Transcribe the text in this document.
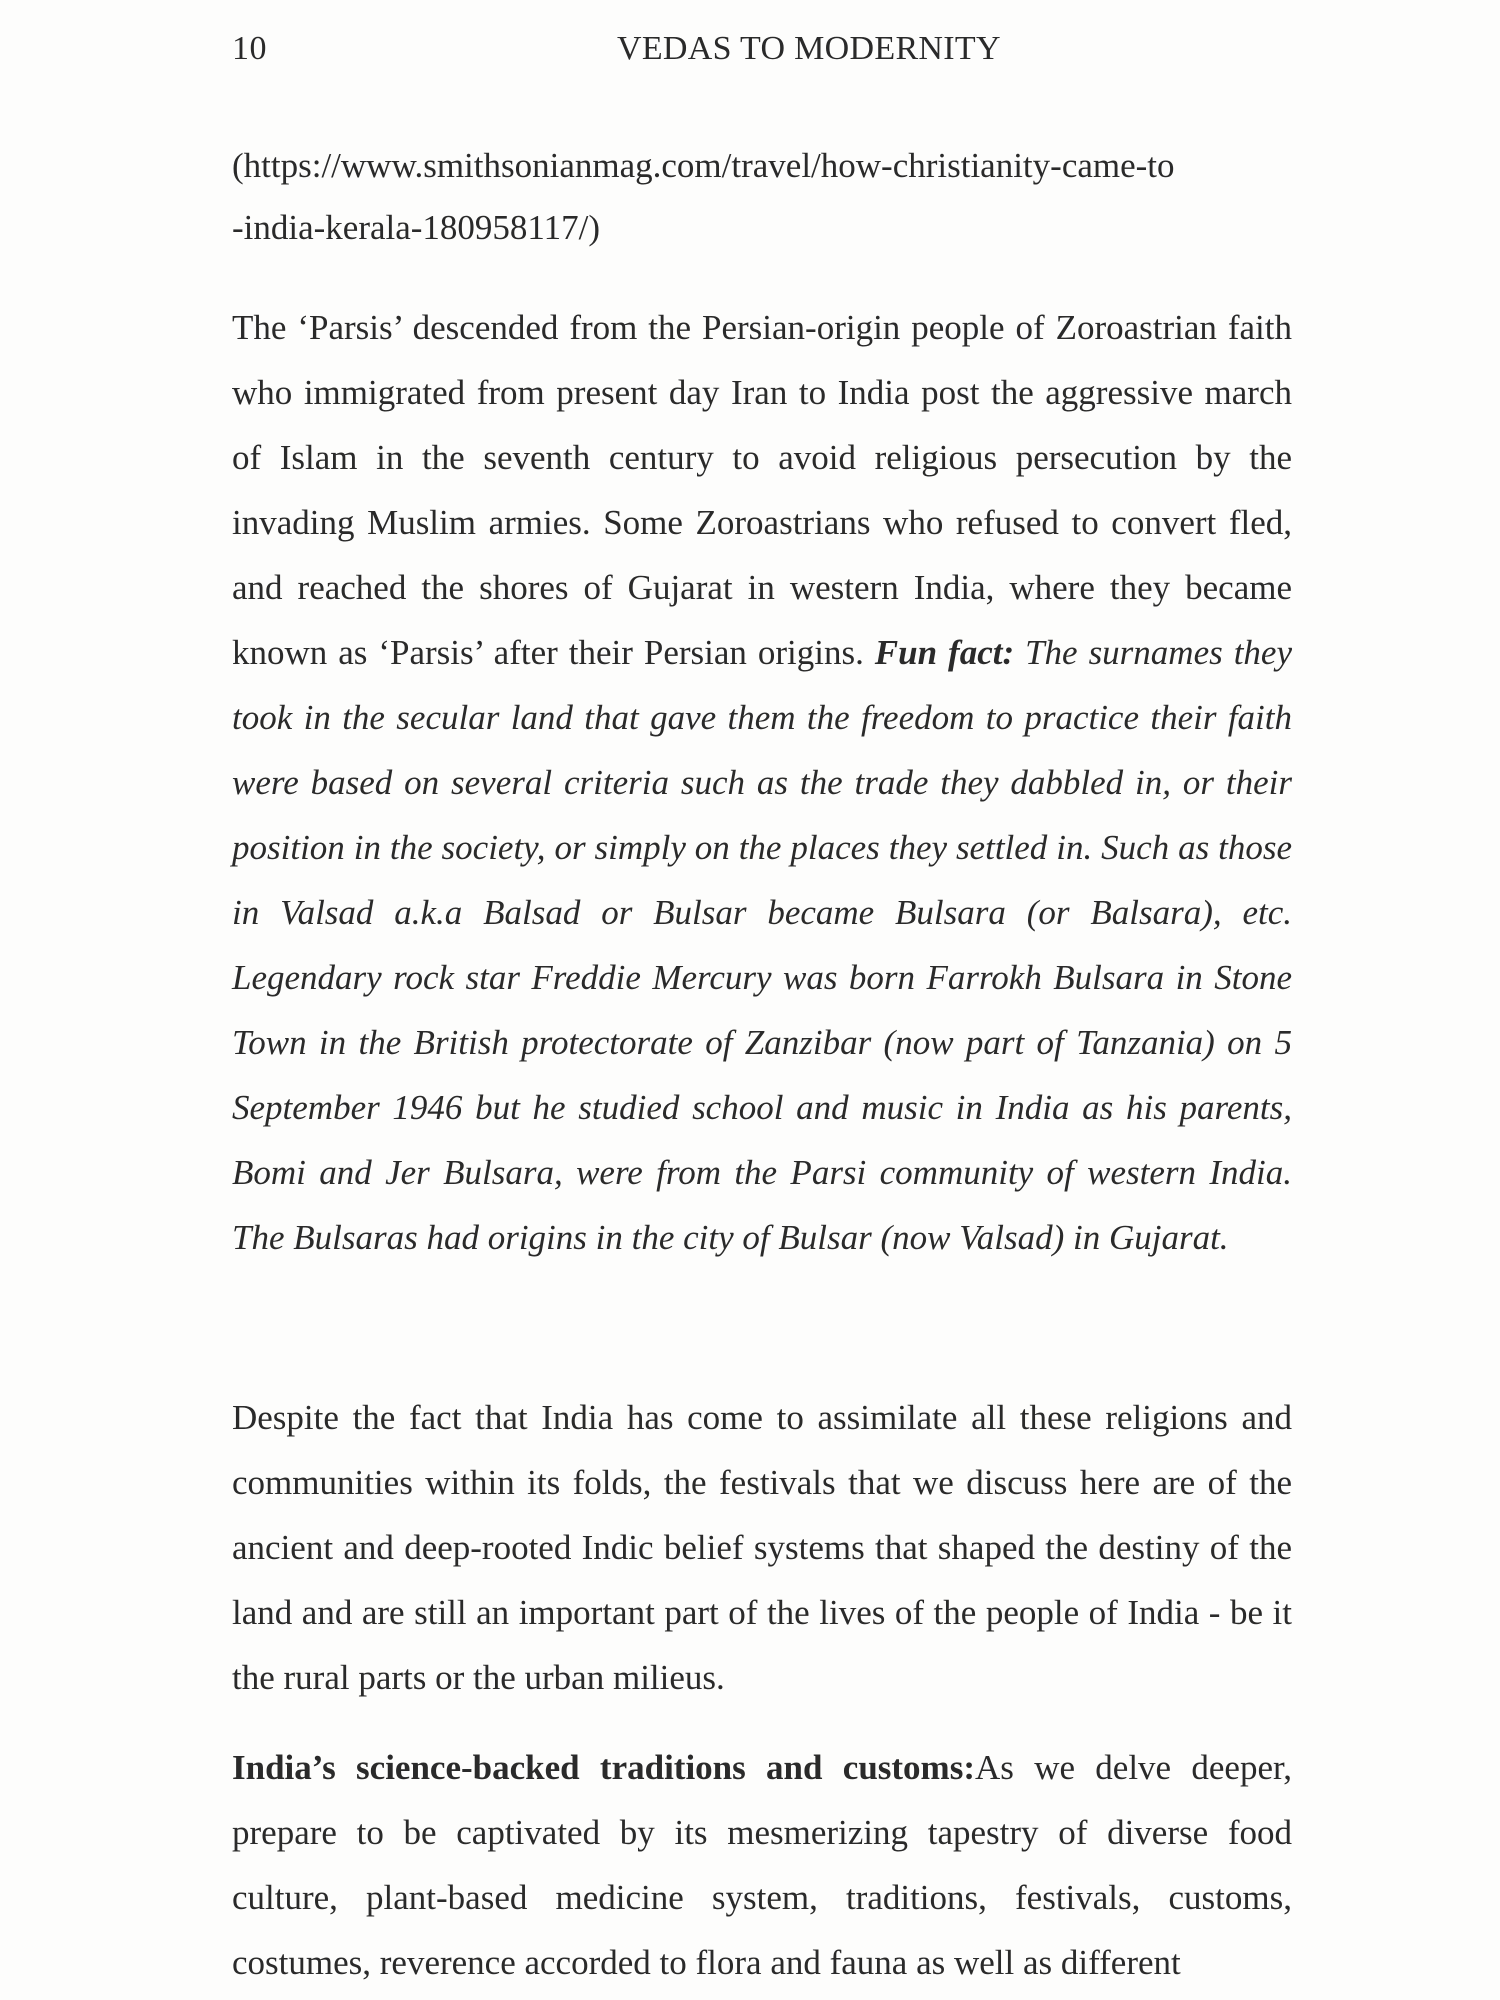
10	VEDAS TO MODERNITY
(https://www.smithsonianmag.com/travel/how-christianity-came-to
-india-kerala-180958117/)

The ‘Parsis’ descended from the Persian-origin people of Zoroastrian faith who immigrated from present day Iran to India post the aggressive march of Islam in the seventh century to avoid religious persecution by the invading Muslim armies. Some Zoroastrians who refused to convert fled, and reached the shores of Gujarat in western India, where they became known as ‘Parsis’ after their Persian origins. Fun fact: The surnames they took in the secular land that gave them the freedom to practice their faith were based on several criteria such as the trade they dabbled in, or their position in the society, or simply on the places they settled in. Such as those in Valsad a.k.a Balsad or Bulsar became Bulsara (or Balsara), etc. Legendary rock star Freddie Mercury was born Farrokh Bulsara in Stone Town in the British protectorate of Zanzibar (now part of Tanzania) on 5 September 1946 but he studied school and music in India as his parents, Bomi and Jer Bulsara, were from the Parsi community of western India. The Bulsaras had origins in the city of Bulsar (now Valsad) in Gujarat.

Despite the fact that India has come to assimilate all these religions and communities within its folds, the festivals that we discuss here are of the ancient and deep-rooted Indic belief systems that shaped the destiny of the land and are still an important part of the lives of the people of India - be it the rural parts or the urban milieus.

India’s science-backed traditions and customs:As we delve deeper, prepare to be captivated by its mesmerizing tapestry of diverse food culture, plant-based medicine system, traditions, festivals, customs, costumes, reverence accorded to flora and fauna as well as different
